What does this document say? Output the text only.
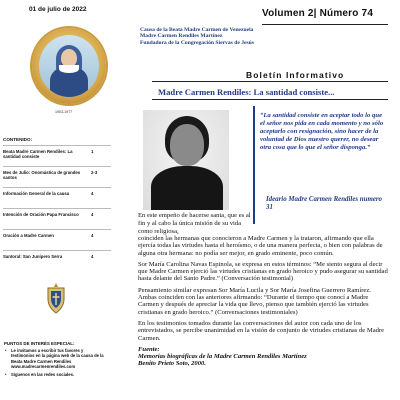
01 de julio de 2022	Volumen 2| Número 74
Causa de la Beata Madre Carmen de Venezuela
Madre Carmen Rendiles Martínez
Fundadora de la Congregación Siervas de Jesús
1903-1977
Boletín Informativo
Madre Carmen Rendiles: La santidad consiste...
“La santidad consiste en aceptar todo lo que el señor nos pida en cada momento y no sólo aceptarlo con resignación, sino hacer de la voluntad de Dios nuestro querer, no desear otra cosa que lo que el señor disponga.”
Ideario Madre Carmen Rendiles numero 31
CONTENIDO:
Beata Madre Carmen Rendiles: La santidad consiste
1
Mes de Julio: Onomástica de grandes santos
2-3
Información General de la causa	4
Intención de Oración Papa Francisco	4
Oración a Madre Carmen	4
Santoral: San Junípero Serra	4
PUNTOS DE INTERÉS ESPECIAL:
• Le invitamos a escribir tus favores y testimonios en la página web de la causa de la Beata Madre Carmen Rendiles www.madrecarmenrendiles.com
• Síguenos en las redes sociales.
En este empeño de hacerse santa, que es al fin y al cabo la única misión de su vida como religiosa,

coinciden las hermanas que conocieron a Madre Carmen y la trataron, afirmando que ella ejercía todas las virtudes hasta el heroísmo, o de una manera perfecta, o bien con palabras de alguna otra hermana: no podía ser mejor, en grado eminente, poco común.

Sor María Carolina Navas Espinola, se expresa en estos términos: “Me siento segura al decir que Madre Carmen ejerció las virtudes cristianas en grado heroico y pudo asegurar su santidad hasta delante del Santo Padre.” (Conversación testimonial)

Pensamiento similar expresan Sor María Lucila y Sor María Josefina Guerrero Ramírez. Ambas coinciden con las anteriores afirmando: “Durante el tiempo que conocí a Madre Carmen y después de apreciar la vida que llevo, pienso que también ejerció las virtudes cristianas en grado heroico.” (Conversaciones testimoniales)

En los testimonios tomados durante las conversaciones del autor con cada uno de los entrevistados, se percibe unanimidad en la visión de conjunto de virtudes cristianas de Madre Carmen.

Fuente:
Memorias biográficas de la Madre Carmen Rendiles Martínez
Benito Prieto Soto, 2000.
